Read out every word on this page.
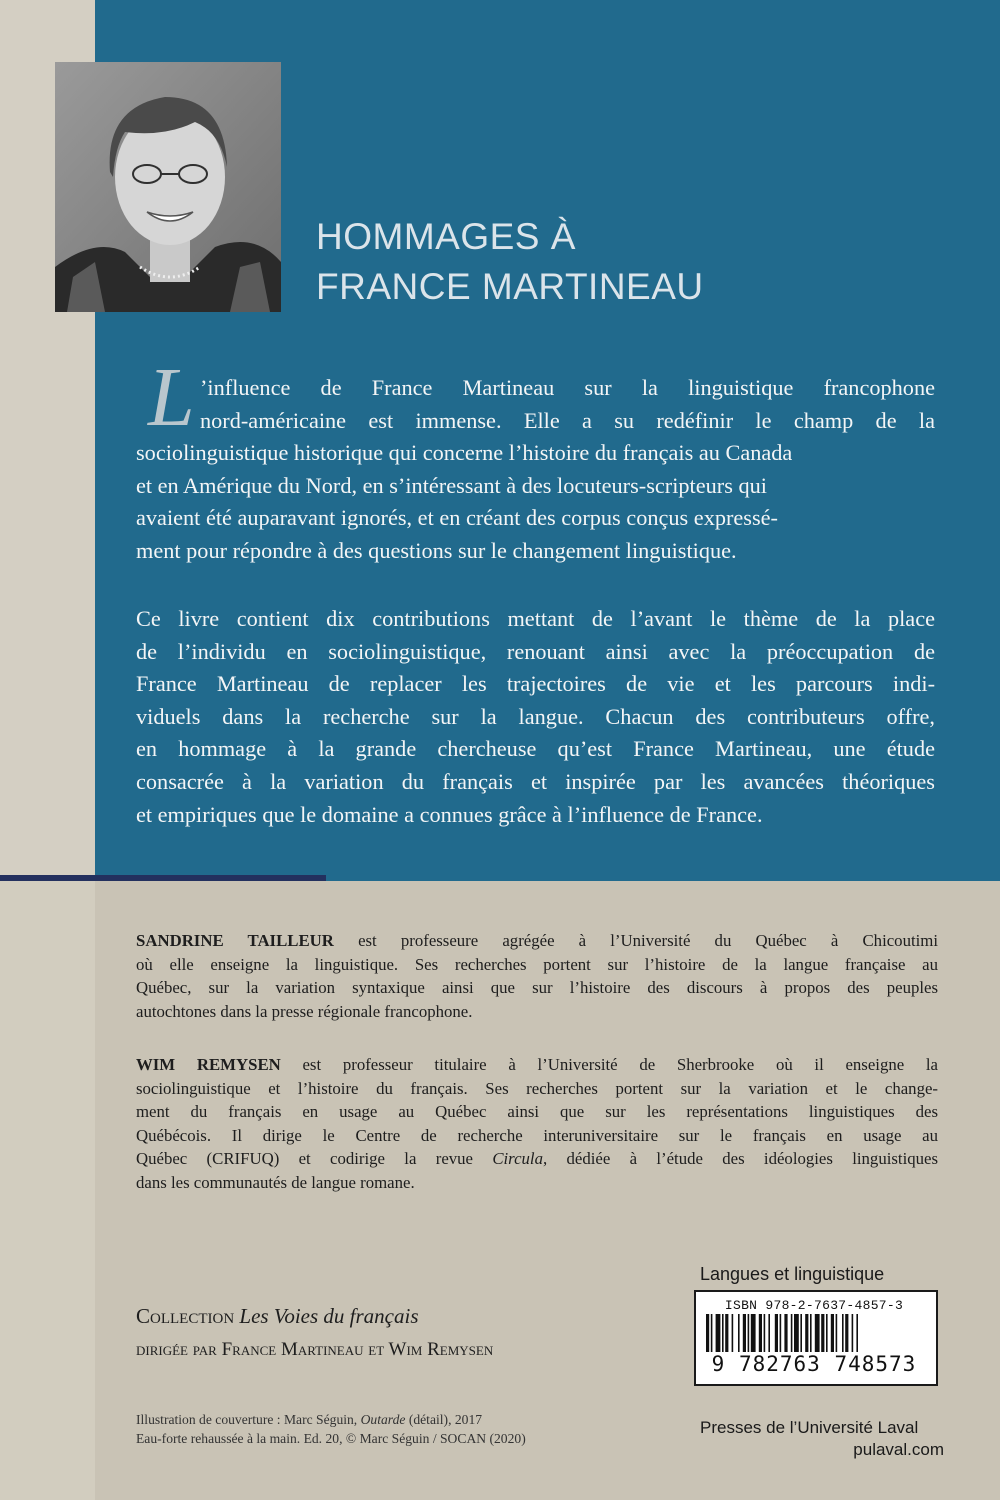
HOMMAGES À
FRANCE MARTINEAU
L ’influence de France Martineau sur la linguistique francophone
nord-américaine est immense. Elle a su redéfinir le champ de la
sociolinguistique historique qui concerne l’histoire du français au Canada
et en Amérique du Nord, en s’intéressant à des locuteurs-scripteurs qui
avaient été auparavant ignorés, et en créant des corpus conçus expressé-
ment pour répondre à des questions sur le changement linguistique.
Ce livre contient dix contributions mettant de l’avant le thème de la place
de l’individu en sociolinguistique, renouant ainsi avec la préoccupation de
France Martineau de replacer les trajectoires de vie et les parcours indi-
viduels dans la recherche sur la langue. Chacun des contributeurs offre,
en hommage à la grande chercheuse qu’est France Martineau, une étude
consacrée à la variation du français et inspirée par les avancées théoriques
et empiriques que le domaine a connues grâce à l’influence de France.
SANDRINE TAILLEUR est professeure agrégée à l’Université du Québec à Chicoutimi
où elle enseigne la linguistique. Ses recherches portent sur l’histoire de la langue française au
Québec, sur la variation syntaxique ainsi que sur l’histoire des discours à propos des peuples
autochtones dans la presse régionale francophone.
WIM REMYSEN est professeur titulaire à l’Université de Sherbrooke où il enseigne la
sociolinguistique et l’histoire du français. Ses recherches portent sur la variation et le change-
ment du français en usage au Québec ainsi que sur les représentations linguistiques des
Québécois. Il dirige le Centre de recherche interuniversitaire sur le français en usage au
Québec (CRIFUQ) et codirige la revue Circula, dédiée à l’étude des idéologies linguistiques
dans les communautés de langue romane.
Collection Les Voies du français
dirigée par France Martineau et Wim Remysen
Illustration de couverture : Marc Séguin, Outarde (détail), 2017
Eau-forte rehaussée à la main. Ed. 20, © Marc Séguin / SOCAN (2020)
Langues et linguistique
ISBN 978-2-7637-4857-3
9 782763 748573
Presses de l’Université Laval
pulaval.com
